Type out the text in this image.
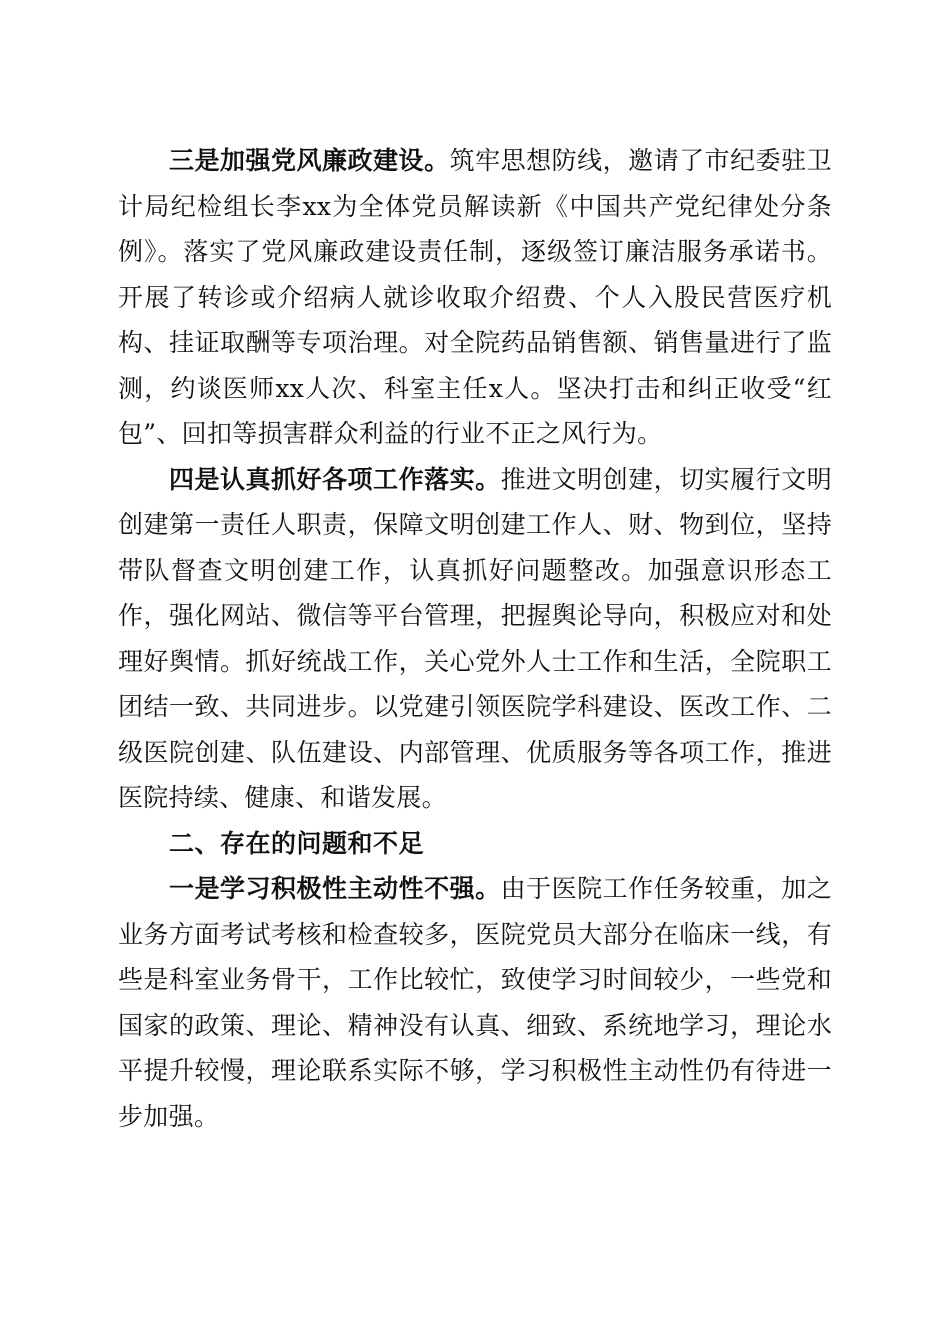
三是加强党风廉政建设。筑牢思想防线，邀请了市纪委驻卫计局纪检组长李xx为全体党员解读新《中国共产党纪律处分条例》。落实了党风廉政建设责任制，逐级签订廉洁服务承诺书。开展了转诊或介绍病人就诊收取介绍费、个人入股民营医疗机构、挂证取酬等专项治理。对全院药品销售额、销售量进行了监测，约谈医师xx人次、科室主任x人。坚决打击和纠正收受“红包”、回扣等损害群众利益的行业不正之风行为。

四是认真抓好各项工作落实。推进文明创建，切实履行文明创建第一责任人职责，保障文明创建工作人、财、物到位，坚持带队督查文明创建工作，认真抓好问题整改。加强意识形态工作，强化网站、微信等平台管理，把握舆论导向，积极应对和处理好舆情。抓好统战工作，关心党外人士工作和生活，全院职工团结一致、共同进步。以党建引领医院学科建设、医改工作、二级医院创建、队伍建设、内部管理、优质服务等各项工作，推进医院持续、健康、和谐发展。

二、存在的问题和不足

一是学习积极性主动性不强。由于医院工作任务较重，加之业务方面考试考核和检查较多，医院党员大部分在临床一线，有些是科室业务骨干，工作比较忙，致使学习时间较少，一些党和国家的政策、理论、精神没有认真、细致、系统地学习，理论水平提升较慢，理论联系实际不够，学习积极性主动性仍有待进一步加强。
